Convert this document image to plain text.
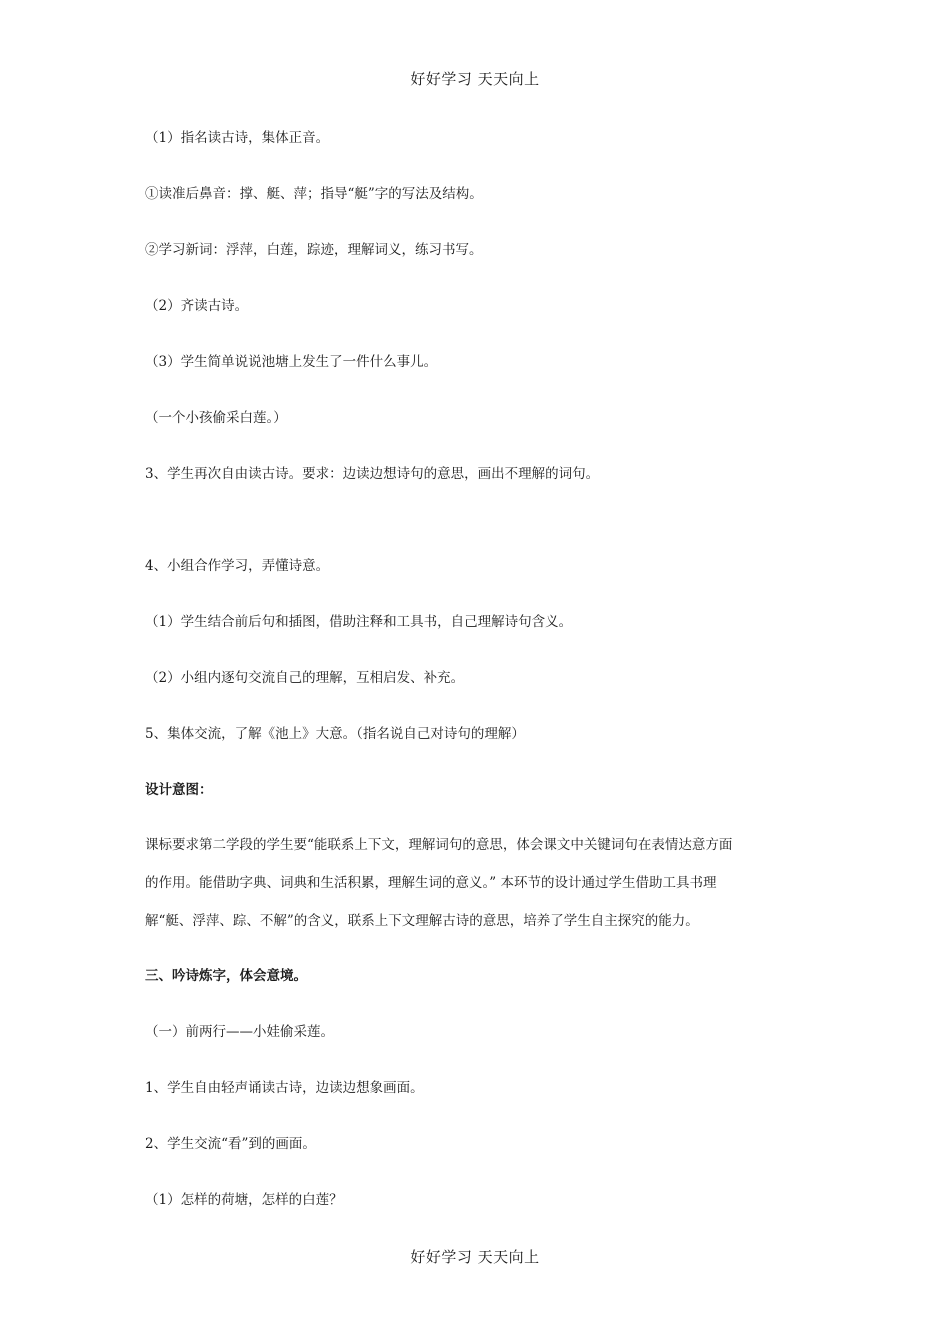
好好学习 天天向上
（1）指名读古诗，集体正音。
①读准后鼻音：撑、艇、萍；指导“艇”字的写法及结构。
②学习新词：浮萍，白莲，踪迹，理解词义，练习书写。
（2）齐读古诗。
（3）学生简单说说池塘上发生了一件什么事儿。
（一个小孩偷采白莲。）
3、学生再次自由读古诗。要求：边读边想诗句的意思，画出不理解的词句。
4、小组合作学习，弄懂诗意。
（1）学生结合前后句和插图，借助注释和工具书，自己理解诗句含义。
（2）小组内逐句交流自己的理解，互相启发、补充。
5、集体交流，了解《池上》大意。（指名说自己对诗句的理解）
设计意图：
课标要求第二学段的学生要“能联系上下文，理解词句的意思，体会课文中关键词句在表情达意方面
的作用。能借助字典、词典和生活积累，理解生词的意义。” 本环节的设计通过学生借助工具书理
解“艇、浮萍、踪、不解”的含义，联系上下文理解古诗的意思，培养了学生自主探究的能力。
三、吟诗炼字，体会意境。
（一）前两行——小娃偷采莲。
1、学生自由轻声诵读古诗，边读边想象画面。
2、学生交流“看”到的画面。
（1）怎样的荷塘，怎样的白莲？
好好学习 天天向上
